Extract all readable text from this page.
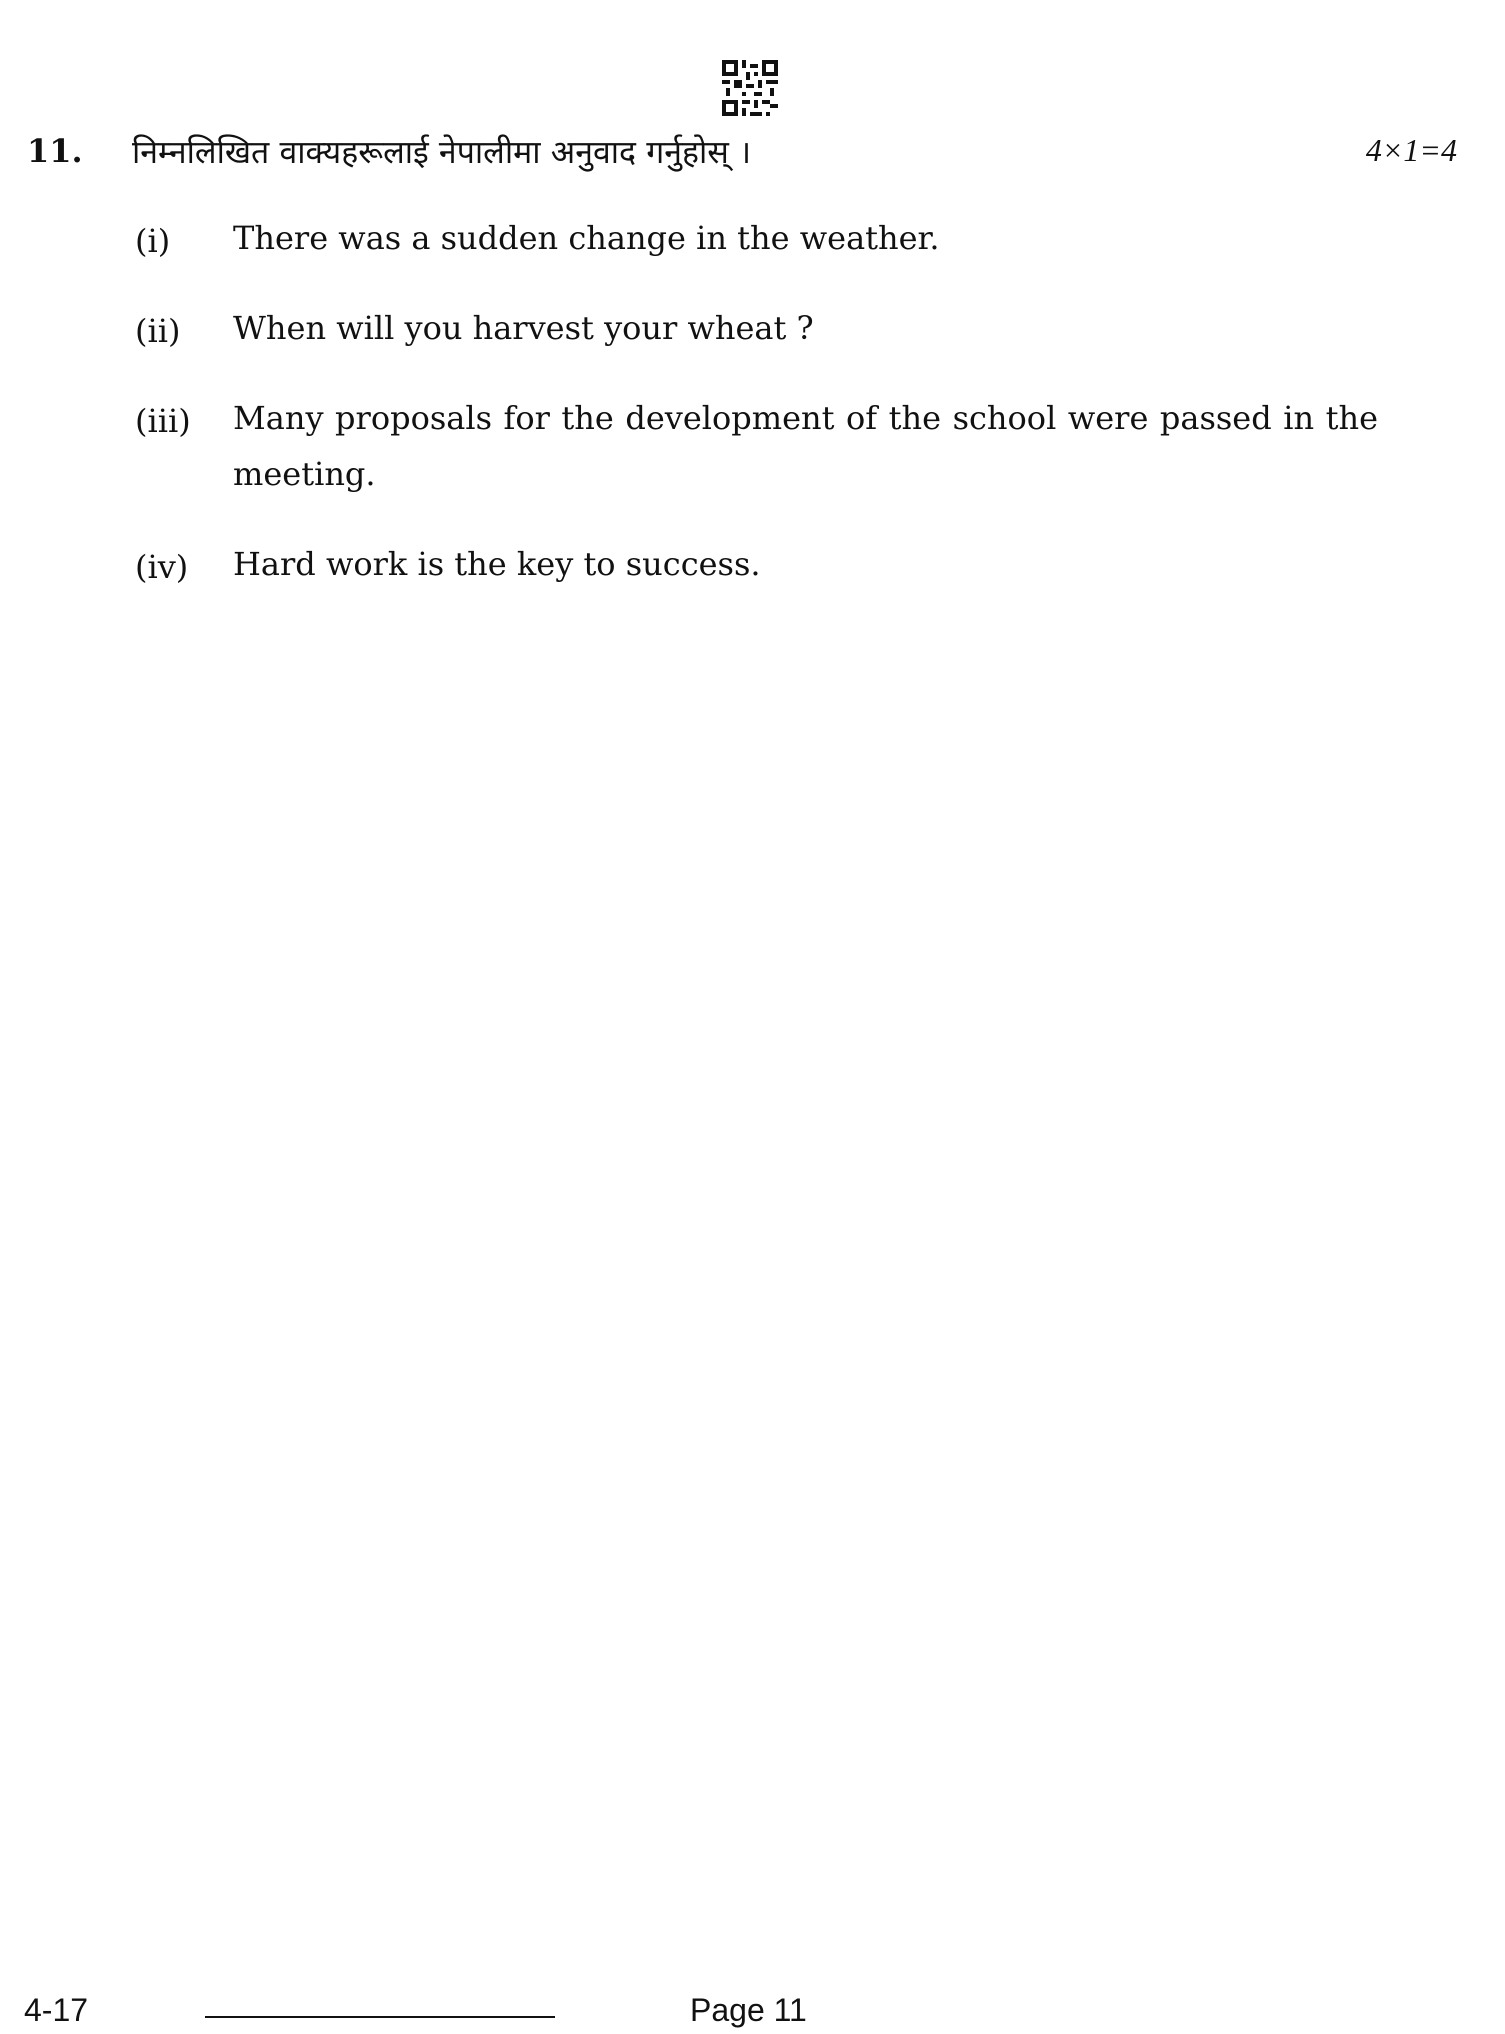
11. निम्नलिखित वाक्यहरूलाई नेपालीमा अनुवाद गर्नुहोस् ।	4×1=4
(i) There was a sudden change in the weather.
(ii) When will you harvest your wheat ?
(iii) Many proposals for the development of the school were passed in the meeting.
(iv) Hard work is the key to success.
4-17	Page 11
